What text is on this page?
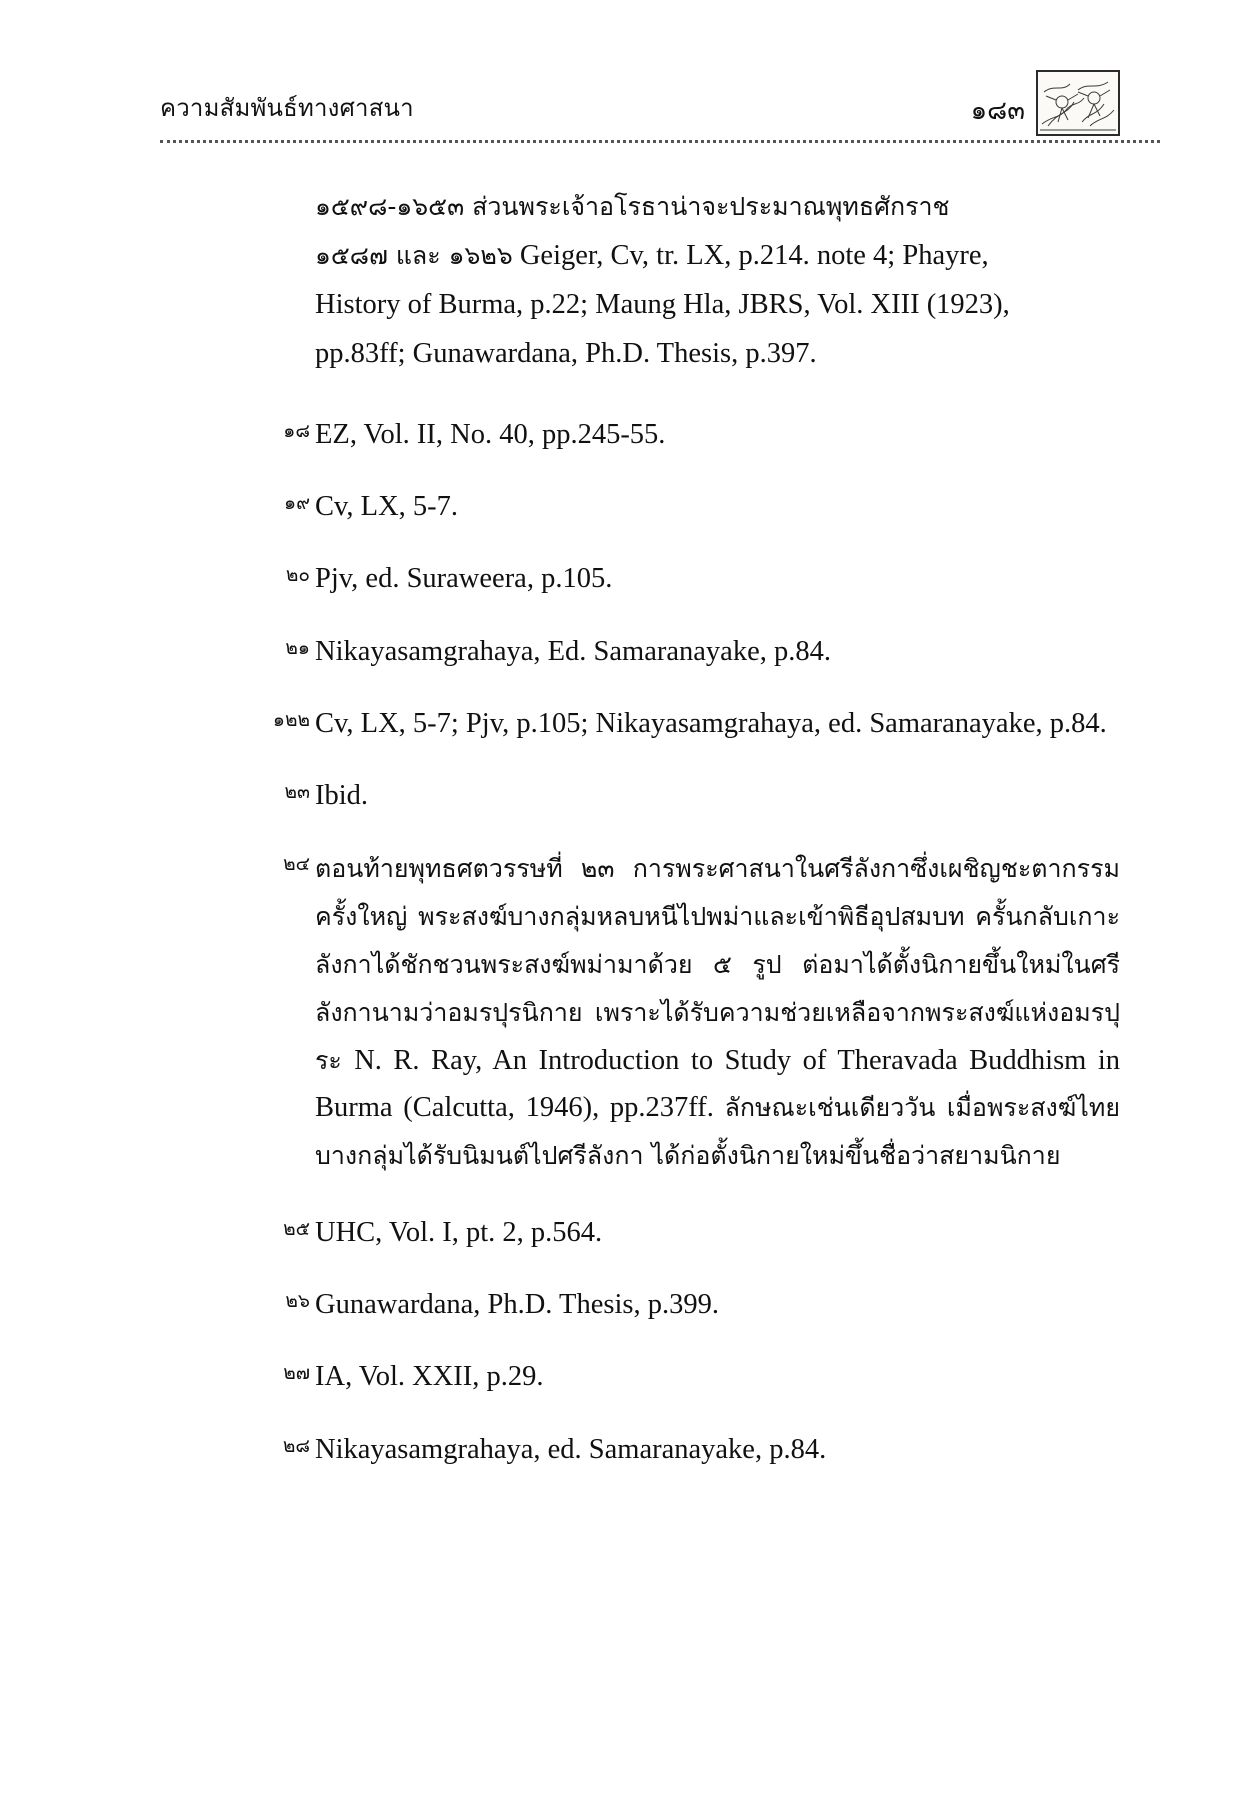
ความสัมพันธ์ทางศาสนา	๑๘๓
๑๕๙๘-๑๖๕๓ ส่วนพระเจ้าอโรธาน่าจะประมาณพุทธศักราช
๑๕๘๗ และ ๑๖๒๖ Geiger, Cv, tr. LX, p.214. note 4; Phayre,
History of Burma, p.22; Maung Hla, JBRS, Vol. XIII (1923),
pp.83ff; Gunawardana, Ph.D. Thesis, p.397.
๑๘ EZ, Vol. II, No. 40, pp.245-55.
๑๙ Cv, LX, 5-7.
๒๐ Pjv, ed. Suraweera, p.105.
๒๑ Nikayasamgrahaya, Ed. Samaranayake, p.84.
๑๒๒ Cv, LX, 5-7; Pjv, p.105; Nikayasamgrahaya, ed. Samaranayake, p.84.
๒๓ Ibid.
๒๔ ตอนท้ายพุทธศตวรรษที่ ๒๓ การพระศาสนาในศรีลังกาซึ่งเผชิญชะตากรรมครั้งใหญ่ พระสงฆ์บางกลุ่มหลบหนีไปพม่าและเข้าพิธีอุปสมบท ครั้นกลับเกาะลังกาได้ชักชวนพระสงฆ์พม่ามาด้วย ๕ รูป ต่อมาได้ตั้งนิกายขึ้นใหม่ในศรีลังกานามว่าอมรปุรนิกาย เพราะได้รับความช่วยเหลือจากพระสงฆ์แห่งอมรปุระ N. R. Ray, An Introduction to Study of Theravada Buddhism in Burma (Calcutta, 1946), pp.237ff. ลักษณะเช่นเดียววัน เมื่อพระสงฆ์ไทยบางกลุ่มได้รับนิมนต์ไปศรีลังกา ได้ก่อตั้งนิกายใหม่ขึ้นชื่อว่าสยามนิกาย
๒๕ UHC, Vol. I, pt. 2, p.564.
๒๖ Gunawardana, Ph.D. Thesis, p.399.
๒๗ IA, Vol. XXII, p.29.
๒๘ Nikayasamgrahaya, ed. Samaranayake, p.84.
